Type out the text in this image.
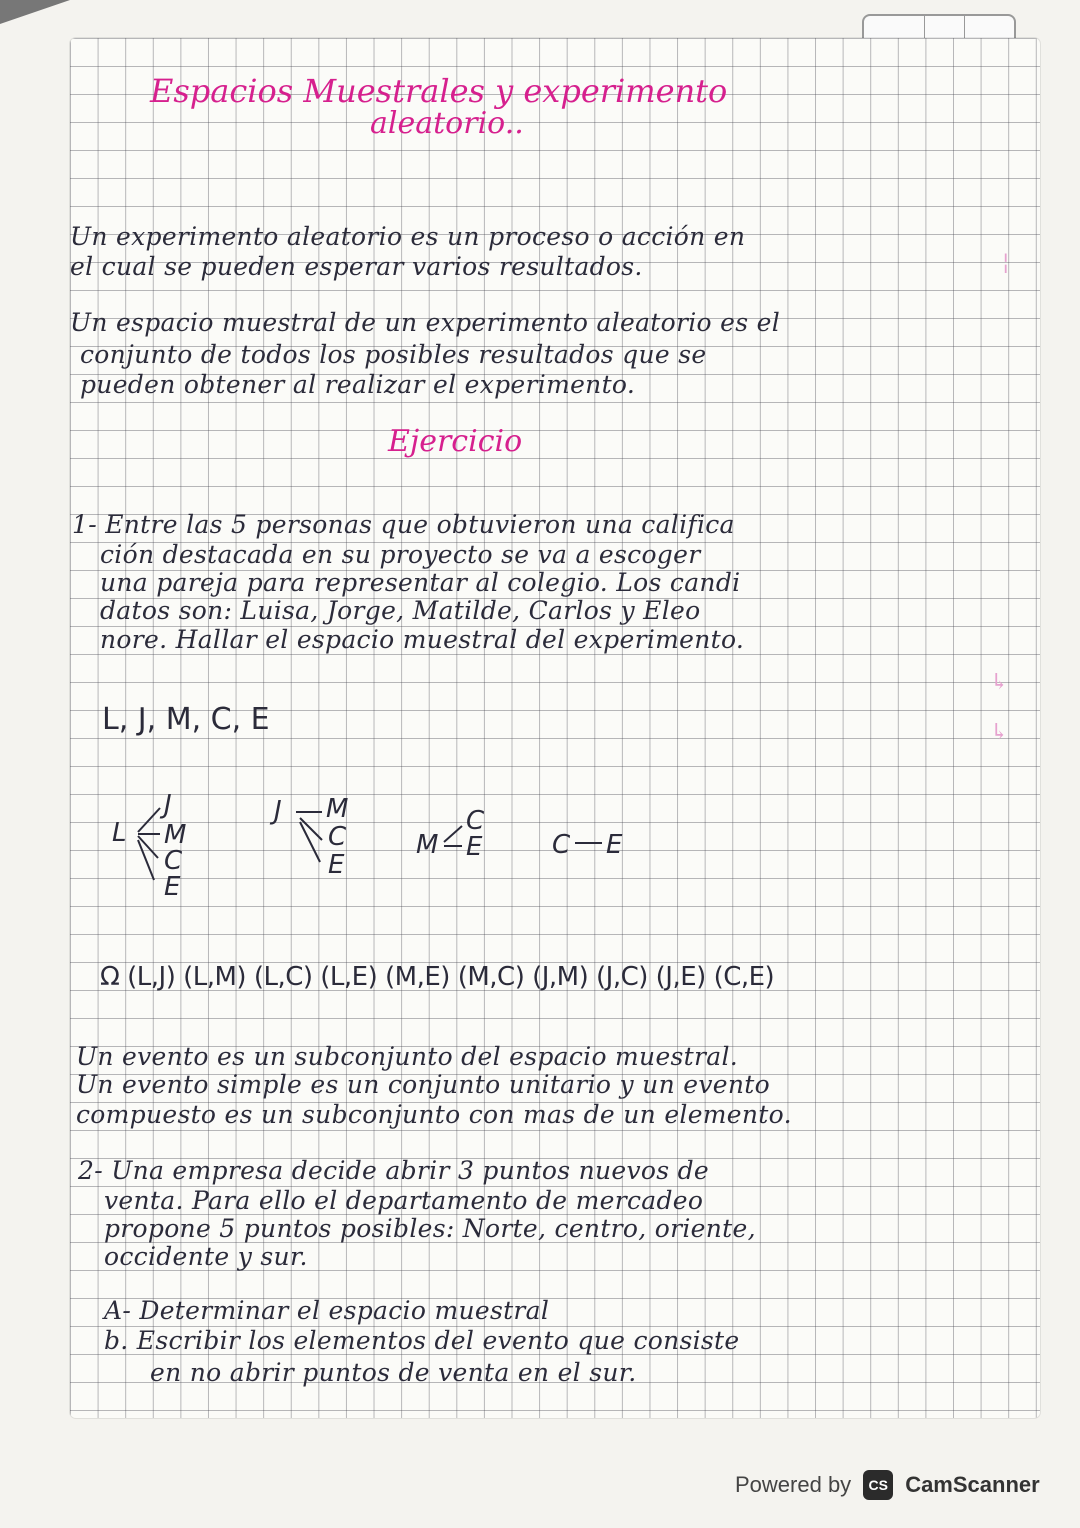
Espacios Muestrales y experimento
aleatorio..
Un experimento aleatorio es un proceso o acción en
el cual se pueden esperar varios resultados.
Un espacio muestral de un experimento aleatorio es el
conjunto de todos los posibles resultados que se
pueden obtener al realizar el experimento.
Ejercicio
1- Entre las 5 personas que obtuvieron una califica
ción destacada en su proyecto se va a escoger
una pareja para representar al colegio. Los candi
datos son: Luisa, Jorge, Matilde, Carlos y Eleo
nore. Hallar el espacio muestral del experimento.
L, J, M, C, E
L
J
M
C
E
J M
C
E
M
C
E	C E
Ω (L,J) (L,M) (L,C) (L,E) (M,E) (M,C) (J,M) (J,C) (J,E) (C,E)
Un evento es un subconjunto del espacio muestral.
Un evento simple es un conjunto unitario y un evento
compuesto es un subconjunto con mas de un elemento.
2- Una empresa decide abrir 3 puntos nuevos de
venta. Para ello el departamento de mercadeo
propone 5 puntos posibles: Norte, centro, oriente,
occidente y sur.
A- Determinar el espacio muestral
b. Escribir los elementos del evento que consiste
en no abrir puntos de venta en el sur.
¦
↳
↳
Powered by	CS CamScanner
